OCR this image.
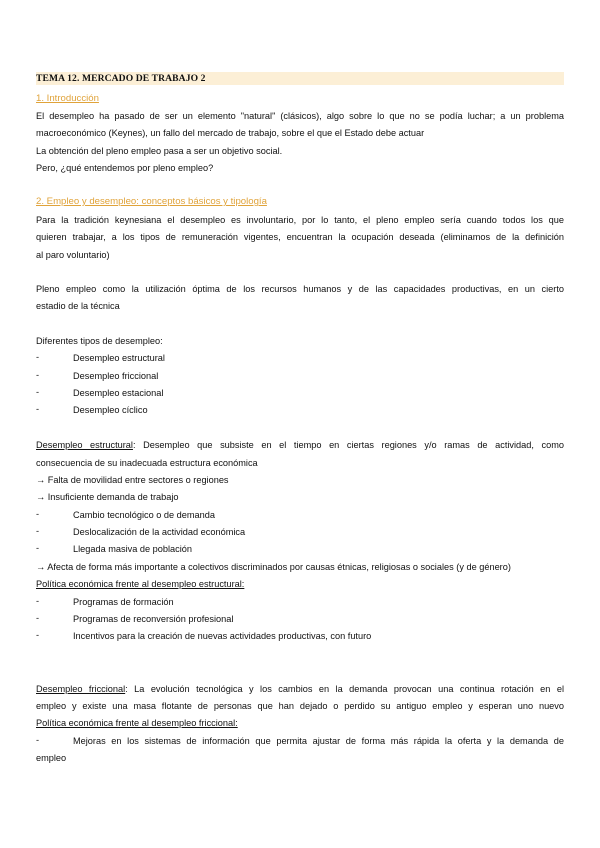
TEMA 12. MERCADO DE TRABAJO 2
1. Introducción
El desempleo ha pasado de ser un elemento "natural" (clásicos), algo sobre lo que no se podía luchar; a un problema
macroeconómico (Keynes), un fallo del mercado de trabajo, sobre el que el Estado debe actuar
La obtención del pleno empleo pasa a ser un objetivo social.
Pero, ¿qué entendemos por pleno empleo?
2. Empleo y desempleo: conceptos básicos y tipología
Para la tradición keynesiana el desempleo es involuntario, por lo tanto, el pleno empleo sería cuando todos los que
quieren trabajar, a los tipos de remuneración vigentes, encuentran la ocupación deseada (eliminamos de la definición
al paro voluntario)
Pleno empleo como la utilización óptima de los recursos humanos y de las capacidades productivas, en un cierto
estadio de la técnica
Diferentes tipos de desempleo:
-	Desempleo estructural
-	Desempleo friccional
-	Desempleo estacional
-	Desempleo cíclico
Desempleo estructural: Desempleo que subsiste en el tiempo en ciertas regiones y/o ramas de actividad, como
consecuencia de su inadecuada estructura económica
→ Falta de movilidad entre sectores o regiones
→ Insuficiente demanda de trabajo
-	Cambio tecnológico o de demanda
-	Deslocalización de la actividad económica
-	Llegada masiva de población
→ Afecta de forma más importante a colectivos discriminados por causas étnicas, religiosas o sociales (y de género)
Política económica frente al desempleo estructural:
-	Programas de formación
-	Programas de reconversión profesional
-	Incentivos para la creación de nuevas actividades productivas, con futuro
Desempleo friccional: La evolución tecnológica y los cambios en la demanda provocan una continua rotación en el
empleo y existe una masa flotante de personas que han dejado o perdido su antiguo empleo y esperan uno nuevo
Política económica frente al desempleo friccional:
-	Mejoras en los sistemas de información que permita ajustar de forma más rápida la oferta y la demanda de
empleo
